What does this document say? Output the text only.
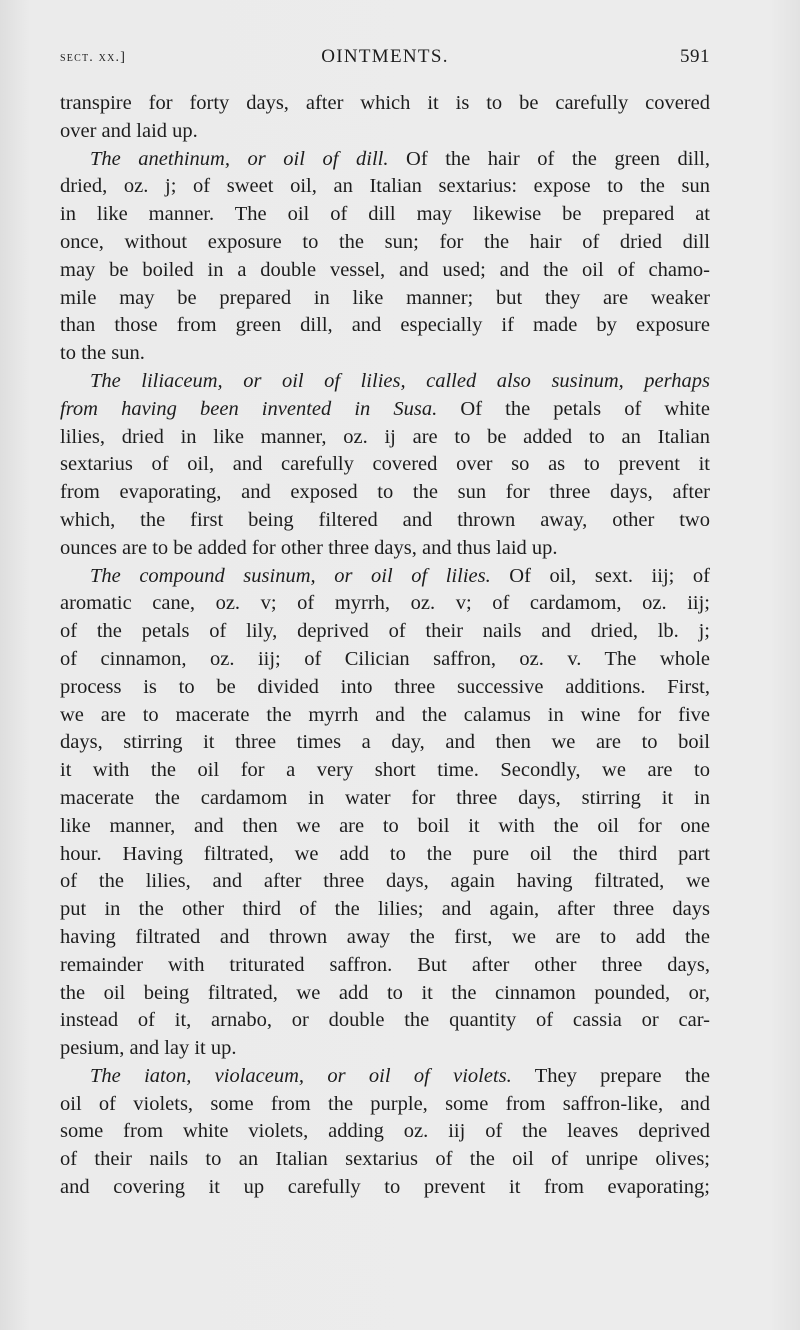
sect. xx.]	OINTMENTS.	591
transpire for forty days, after which it is to be carefully covered
over and laid up.
The anethinum, or oil of dill. Of the hair of the green dill,
dried, oz. j; of sweet oil, an Italian sextarius: expose to the sun
in like manner. The oil of dill may likewise be prepared at
once, without exposure to the sun; for the hair of dried dill
may be boiled in a double vessel, and used; and the oil of chamo-
mile may be prepared in like manner; but they are weaker
than those from green dill, and especially if made by exposure
to the sun.
The liliaceum, or oil of lilies, called also susinum, perhaps
from having been invented in Susa. Of the petals of white
lilies, dried in like manner, oz. ij are to be added to an Italian
sextarius of oil, and carefully covered over so as to prevent it
from evaporating, and exposed to the sun for three days, after
which, the first being filtered and thrown away, other two
ounces are to be added for other three days, and thus laid up.
The compound susinum, or oil of lilies. Of oil, sext. iij; of
aromatic cane, oz. v; of myrrh, oz. v; of cardamom, oz. iij;
of the petals of lily, deprived of their nails and dried, lb. j;
of cinnamon, oz. iij; of Cilician saffron, oz. v. The whole
process is to be divided into three successive additions. First,
we are to macerate the myrrh and the calamus in wine for five
days, stirring it three times a day, and then we are to boil
it with the oil for a very short time. Secondly, we are to
macerate the cardamom in water for three days, stirring it in
like manner, and then we are to boil it with the oil for one
hour. Having filtrated, we add to the pure oil the third part
of the lilies, and after three days, again having filtrated, we
put in the other third of the lilies; and again, after three days
having filtrated and thrown away the first, we are to add the
remainder with triturated saffron. But after other three days,
the oil being filtrated, we add to it the cinnamon pounded, or,
instead of it, arnabo, or double the quantity of cassia or car-
pesium, and lay it up.
The iaton, violaceum, or oil of violets. They prepare the
oil of violets, some from the purple, some from saffron-like, and
some from white violets, adding oz. iij of the leaves deprived
of their nails to an Italian sextarius of the oil of unripe olives;
and covering it up carefully to prevent it from evaporating;
